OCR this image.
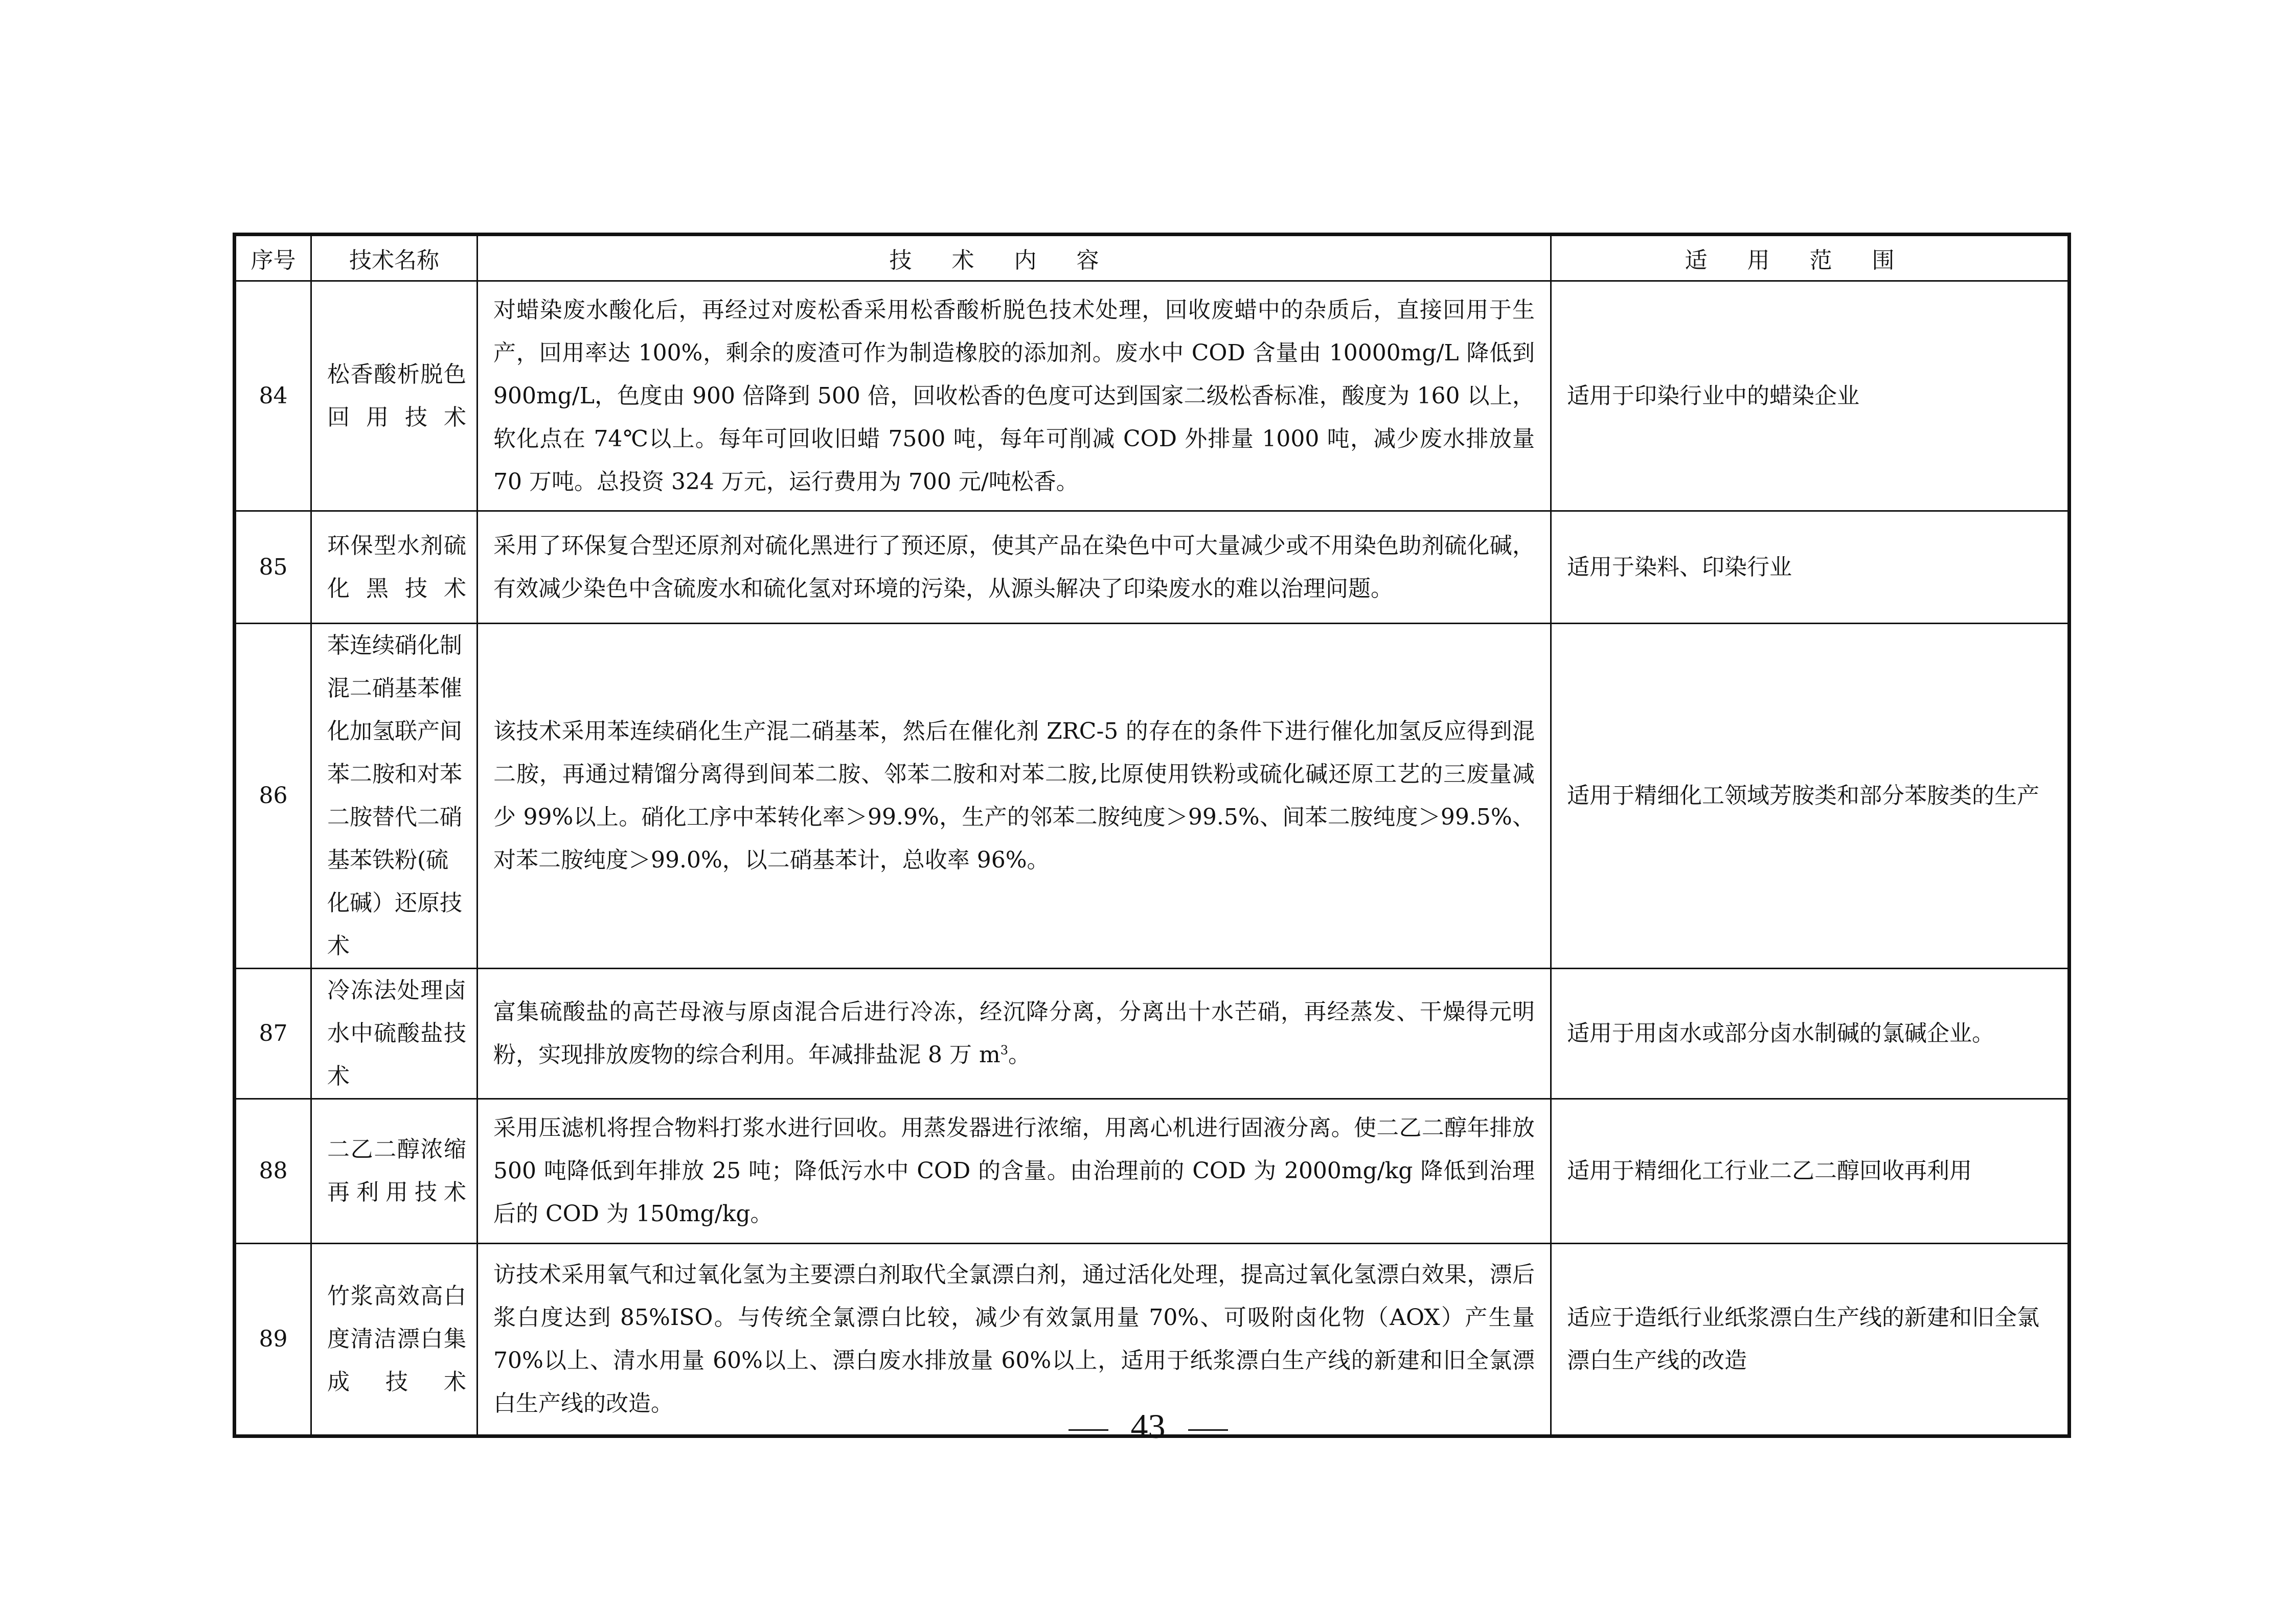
序号	技术名称	技术内容	适用范围
84	松香酸析脱色回用技术	对蜡染废水酸化后，再经过对废松香采用松香酸析脱色技术处理，回收废蜡中的杂质后，直接回用于生产，回用率达 100%，剩余的废渣可作为制造橡胶的添加剂。废水中 COD 含量由 10000mg/L 降低到 900mg/L，色度由 900 倍降到 500 倍，回收松香的色度可达到国家二级松香标准，酸度为 160 以上，软化点在 74℃以上。每年可回收旧蜡 7500 吨，每年可削减 COD 外排量 1000 吨，减少废水排放量 70 万吨。总投资 324 万元，运行费用为 700 元/吨松香。	适用于印染行业中的蜡染企业
85	环保型水剂硫化黑技术	采用了环保复合型还原剂对硫化黑进行了预还原，使其产品在染色中可大量减少或不用染色助剂硫化碱，有效减少染色中含硫废水和硫化氢对环境的污染，从源头解决了印染废水的难以治理问题。	适用于染料、印染行业
86	苯连续硝化制混二硝基苯催化加氢联产间苯二胺和对苯二胺替代二硝基苯铁粉(硫化碱）还原技术	该技术采用苯连续硝化生产混二硝基苯，然后在催化剂 ZRC-5 的存在的条件下进行催化加氢反应得到混二胺，再通过精馏分离得到间苯二胺、邻苯二胺和对苯二胺,比原使用铁粉或硫化碱还原工艺的三废量减少 99%以上。硝化工序中苯转化率＞99.9%，生产的邻苯二胺纯度＞99.5%、间苯二胺纯度＞99.5%、对苯二胺纯度＞99.0%，以二硝基苯计，总收率 96%。	适用于精细化工领域芳胺类和部分苯胺类的生产
87	冷冻法处理卤水中硫酸盐技术	富集硫酸盐的高芒母液与原卤混合后进行冷冻，经沉降分离，分离出十水芒硝，再经蒸发、干燥得元明粉，实现排放废物的综合利用。年减排盐泥 8 万 $m^3$。	适用于用卤水或部分卤水制碱的氯碱企业。
88	二乙二醇浓缩再利用技术	采用压滤机将捏合物料打浆水进行回收。用蒸发器进行浓缩，用离心机进行固液分离。使二乙二醇年排放 500 吨降低到年排放 25 吨；降低污水中 COD 的含量。由治理前的 COD 为 2000mg/kg 降低到治理后的 COD 为 150mg/kg。	适用于精细化工行业二乙二醇回收再利用
89	竹浆高效高白度清洁漂白集成技术	访技术采用氧气和过氧化氢为主要漂白剂取代全氯漂白剂，通过活化处理，提高过氧化氢漂白效果，漂后浆白度达到 85%ISO。与传统全氯漂白比较，减少有效氯用量 70%、可吸附卤化物（AOX）产生量 70%以上、清水用量 60%以上、漂白废水排放量 60%以上，适用于纸浆漂白生产线的新建和旧全氯漂白生产线的改造。	适应于造纸行业纸浆漂白生产线的新建和旧全氯漂白生产线的改造
43
